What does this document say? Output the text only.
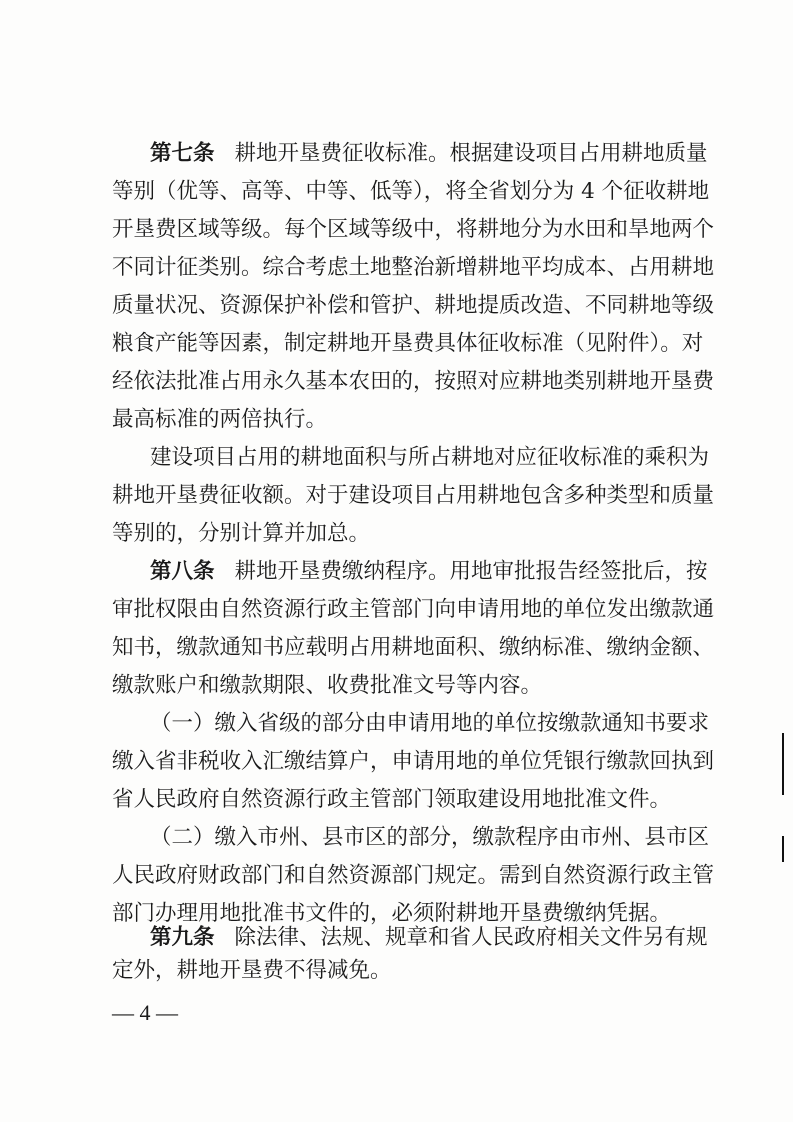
第七条 耕地开垦费征收标准。根据建设项目占用耕地质量
等别（优等、高等、中等、低等），将全省划分为 4 个征收耕地
开垦费区域等级。每个区域等级中，将耕地分为水田和旱地两个
不同计征类别。综合考虑土地整治新增耕地平均成本、占用耕地
质量状况、资源保护补偿和管护、耕地提质改造、不同耕地等级
粮食产能等因素，制定耕地开垦费具体征收标准（见附件）。对
经依法批准占用永久基本农田的，按照对应耕地类别耕地开垦费
最高标准的两倍执行。
建设项目占用的耕地面积与所占耕地对应征收标准的乘积为
耕地开垦费征收额。对于建设项目占用耕地包含多种类型和质量
等别的，分别计算并加总。
第八条 耕地开垦费缴纳程序。用地审批报告经签批后，按
审批权限由自然资源行政主管部门向申请用地的单位发出缴款通
知书，缴款通知书应载明占用耕地面积、缴纳标准、缴纳金额、
缴款账户和缴款期限、收费批准文号等内容。
（一）缴入省级的部分由申请用地的单位按缴款通知书要求
缴入省非税收入汇缴结算户，申请用地的单位凭银行缴款回执到
省人民政府自然资源行政主管部门领取建设用地批准文件。
（二）缴入市州、县市区的部分，缴款程序由市州、县市区
人民政府财政部门和自然资源部门规定。需到自然资源行政主管
部门办理用地批准书文件的，必须附耕地开垦费缴纳凭据。
第九条 除法律、法规、规章和省人民政府相关文件另有规
定外，耕地开垦费不得减免。
— 4 —
